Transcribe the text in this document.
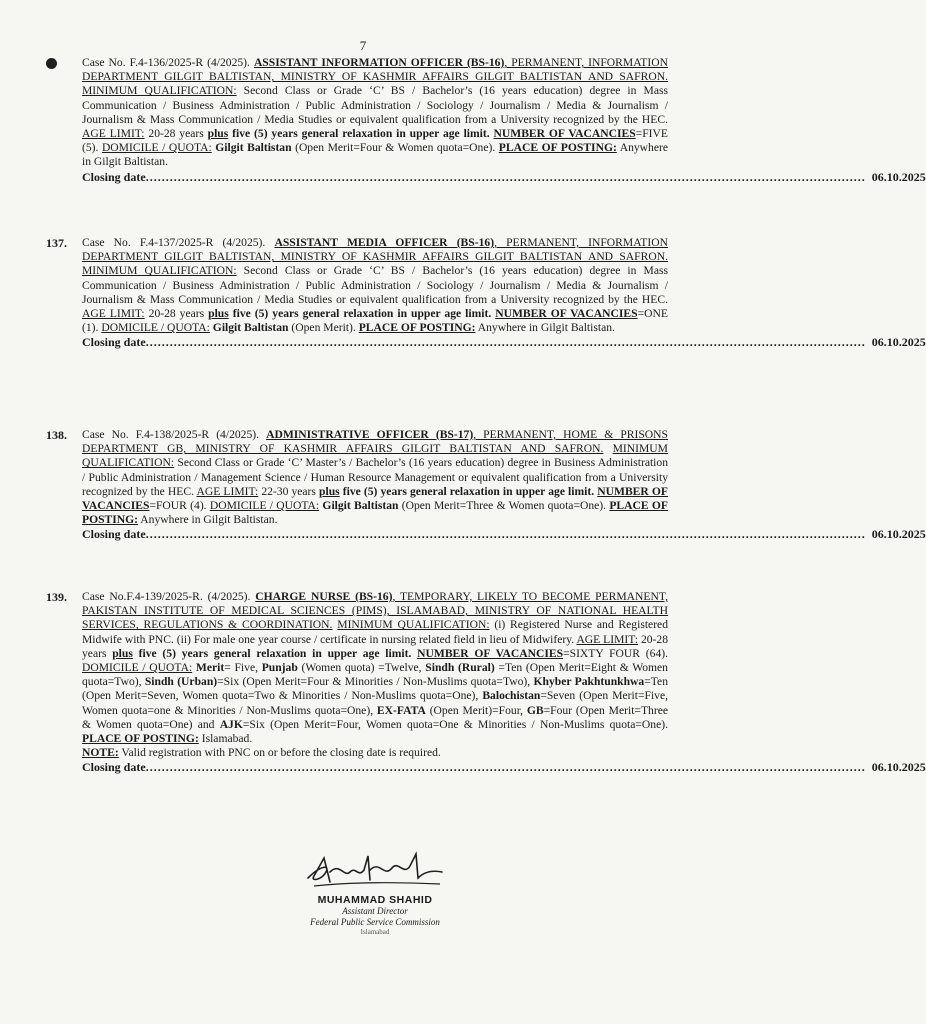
7
6. Case No. F.4-136/2025-R (4/2025). ASSISTANT INFORMATION OFFICER (BS-16), PERMANENT, INFORMATION DEPARTMENT GILGIT BALTISTAN, MINISTRY OF KASHMIR AFFAIRS GILGIT BALTISTAN AND SAFRON. MINIMUM QUALIFICATION: Second Class or Grade ‘C’ BS / Bachelor’s (16 years education) degree in Mass Communication / Business Administration / Public Administration / Sociology / Journalism / Media & Journalism / Journalism & Mass Communication / Media Studies or equivalent qualification from a University recognized by the HEC. AGE LIMIT: 20-28 years plus five (5) years general relaxation in upper age limit. NUMBER OF VACANCIES=FIVE (5). DOMICILE / QUOTA: Gilgit Baltistan (Open Merit=Four & Women quota=One). PLACE OF POSTING: Anywhere in Gilgit Baltistan.
Closing date .................................................................................................................................................................................... 06.10.2025
137. Case No. F.4-137/2025-R (4/2025). ASSISTANT MEDIA OFFICER (BS-16), PERMANENT, INFORMATION DEPARTMENT GILGIT BALTISTAN, MINISTRY OF KASHMIR AFFAIRS GILGIT BALTISTAN AND SAFRON. MINIMUM QUALIFICATION: Second Class or Grade ‘C’ BS / Bachelor’s (16 years education) degree in Mass Communication / Business Administration / Public Administration / Sociology / Journalism / Media & Journalism / Journalism & Mass Communication / Media Studies or equivalent qualification from a University recognized by the HEC. AGE LIMIT: 20-28 years plus five (5) years general relaxation in upper age limit. NUMBER OF VACANCIES=ONE (1). DOMICILE / QUOTA: Gilgit Baltistan (Open Merit). PLACE OF POSTING: Anywhere in Gilgit Baltistan.
Closing date .................................................................................................................................................................................... 06.10.2025
138. Case No. F.4-138/2025-R (4/2025). ADMINISTRATIVE OFFICER (BS-17), PERMANENT, HOME & PRISONS DEPARTMENT GB, MINISTRY OF KASHMIR AFFAIRS GILGIT BALTISTAN AND SAFRON. MINIMUM QUALIFICATION: Second Class or Grade ‘C’ Master’s / Bachelor’s (16 years education) degree in Business Administration / Public Administration / Management Science / Human Resource Management or equivalent qualification from a University recognized by the HEC. AGE LIMIT: 22-30 years plus five (5) years general relaxation in upper age limit. NUMBER OF VACANCIES=FOUR (4). DOMICILE / QUOTA: Gilgit Baltistan (Open Merit=Three & Women quota=One). PLACE OF POSTING: Anywhere in Gilgit Baltistan.
Closing date .................................................................................................................................................................................... 06.10.2025
139. Case No.F.4-139/2025-R. (4/2025). CHARGE NURSE (BS-16), TEMPORARY, LIKELY TO BECOME PERMANENT, PAKISTAN INSTITUTE OF MEDICAL SCIENCES (PIMS), ISLAMABAD, MINISTRY OF NATIONAL HEALTH SERVICES, REGULATIONS & COORDINATION. MINIMUM QUALIFICATION: (i) Registered Nurse and Registered Midwife with PNC. (ii) For male one year course / certificate in nursing related field in lieu of Midwifery. AGE LIMIT: 20-28 years plus five (5) years general relaxation in upper age limit. NUMBER OF VACANCIES=SIXTY FOUR (64). DOMICILE / QUOTA: Merit= Five, Punjab (Women quota) =Twelve, Sindh (Rural) =Ten (Open Merit=Eight & Women quota=Two), Sindh (Urban)=Six (Open Merit=Four & Minorities / Non-Muslims quota=Two), Khyber Pakhtunkhwa=Ten (Open Merit=Seven, Women quota=Two & Minorities / Non-Muslims quota=One), Balochistan=Seven (Open Merit=Five, Women quota=one & Minorities / Non-Muslims quota=One), EX-FATA (Open Merit)=Four, GB=Four (Open Merit=Three & Women quota=One) and AJK=Six (Open Merit=Four, Women quota=One & Minorities / Non-Muslims quota=One). PLACE OF POSTING: Islamabad.
NOTE: Valid registration with PNC on or before the closing date is required.
Closing date .................................................................................................................................................................................... 06.10.2025
MUHAMMAD SHAHID
Assistant Director
Federal Public Service Commission
Islamabad
